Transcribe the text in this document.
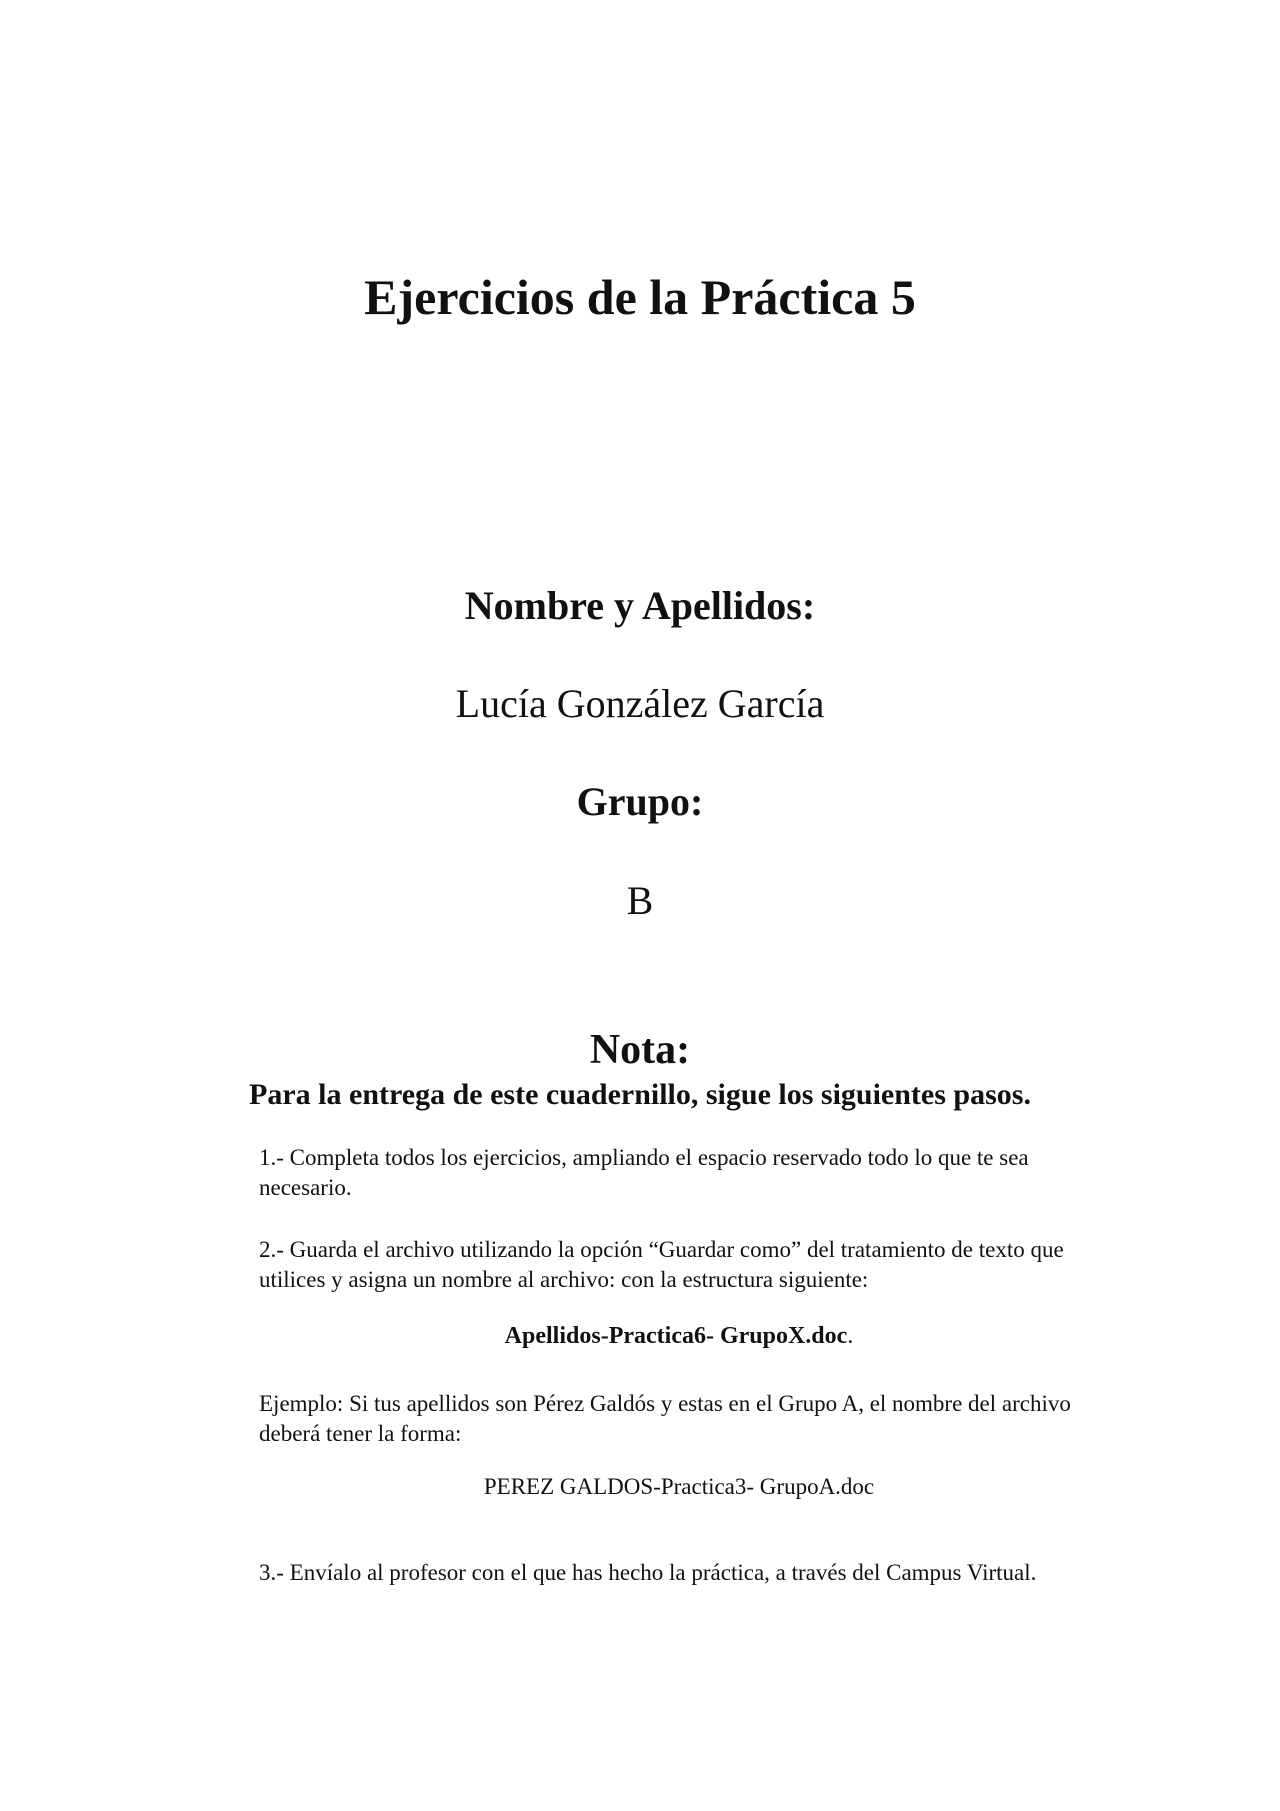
Ejercicios de la Práctica 5
Nombre y Apellidos:

Lucía González García

Grupo:

B

Nota:

Para la entrega de este cuadernillo, sigue los siguientes pasos.

1.- Completa todos los ejercicios, ampliando el espacio reservado todo lo que te sea necesario.

2.- Guarda el archivo utilizando la opción “Guardar como” del tratamiento de texto que utilices y asigna un nombre al archivo: con la estructura siguiente:

Apellidos-Practica6- GrupoX.doc.

Ejemplo: Si tus apellidos son Pérez Galdós y estas en el Grupo A, el nombre del archivo deberá tener la forma:

PEREZ GALDOS-Practica3- GrupoA.doc

3.- Envíalo al profesor con el que has hecho la práctica, a través del Campus Virtual.
